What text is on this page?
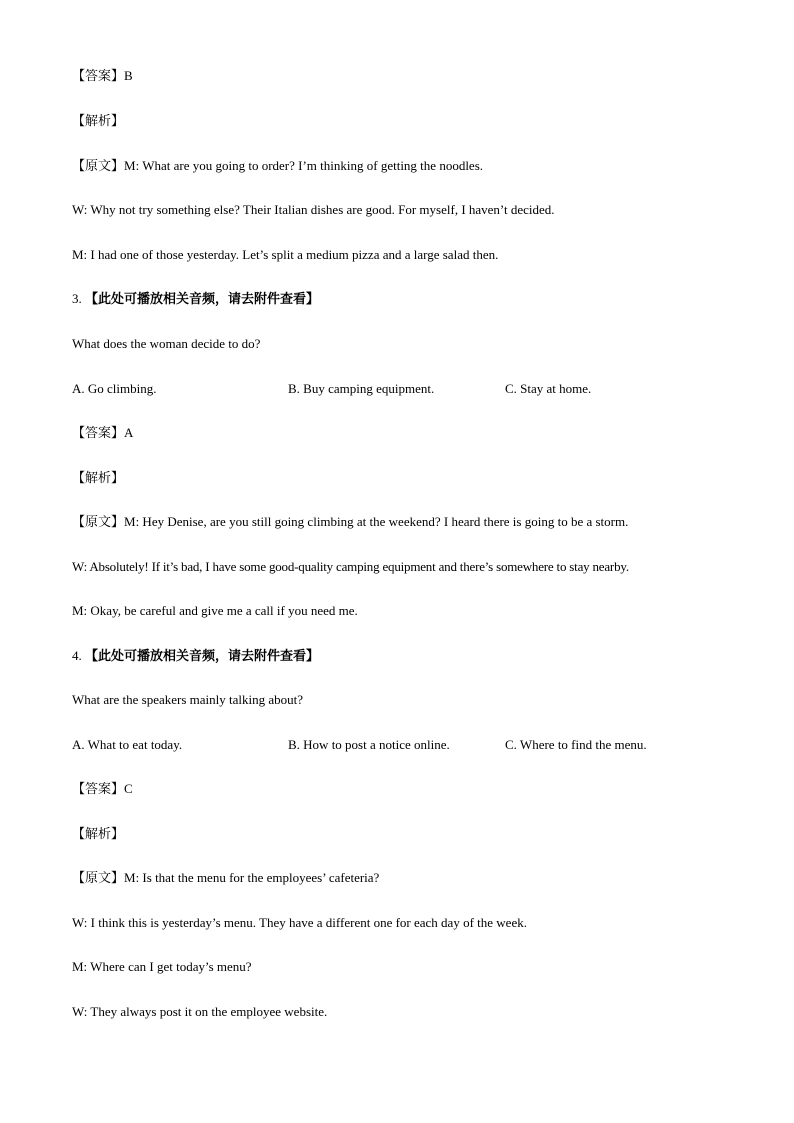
【答案】B
【解析】
【原文】M: What are you going to order? I’m thinking of getting the noodles.
W: Why not try something else? Their Italian dishes are good. For myself, I haven’t decided.
M: I had one of those yesterday. Let’s split a medium pizza and a large salad then.
3. 【此处可播放相关音频，请去附件查看】
What does the woman decide to do?
A. Go climbing.	B. Buy camping equipment.	C. Stay at home.
【答案】A
【解析】
【原文】M: Hey Denise, are you still going climbing at the weekend? I heard there is going to be a storm.
W: Absolutely! If it’s bad, I have some good-quality camping equipment and there’s somewhere to stay nearby.
M: Okay, be careful and give me a call if you need me.
4. 【此处可播放相关音频，请去附件查看】
What are the speakers mainly talking about?
A. What to eat today.	B. How to post a notice online.	C. Where to find the menu.
【答案】C
【解析】
【原文】M: Is that the menu for the employees’ cafeteria?
W: I think this is yesterday’s menu. They have a different one for each day of the week.
M: Where can I get today’s menu?
W: They always post it on the employee website.
